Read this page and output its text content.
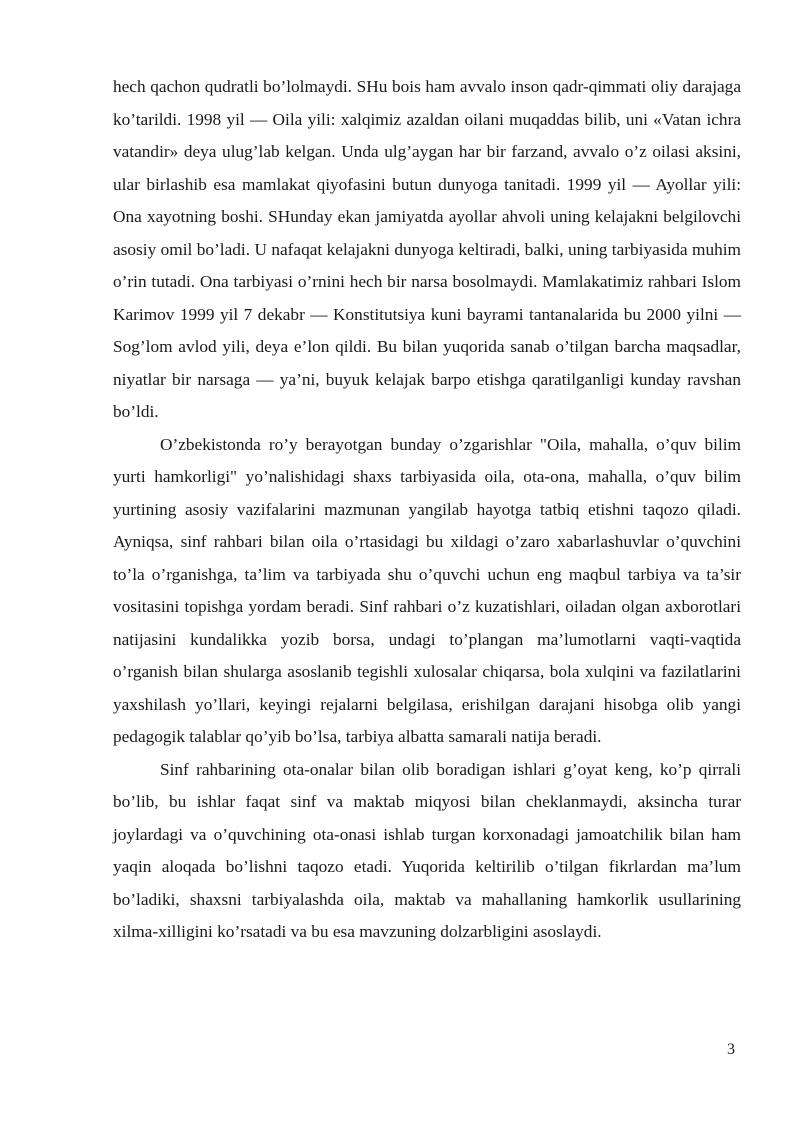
hech qachon qudratli bo’lolmaydi. SHu bois ham avvalo inson qadr-qimmati oliy darajaga ko’tarildi. 1998 yil — Oila yili: xalqimiz azaldan oilani muqaddas bilib, uni «Vatan ichra vatandir» deya ulug’lab kelgan. Unda ulg’aygan har bir farzand, avvalo o’z oilasi aksini, ular birlashib esa mamlakat qiyofasini butun dunyoga tanitadi. 1999 yil — Ayollar yili: Ona xayotning boshi. SHunday ekan jamiyatda ayollar ahvoli uning kelajakni belgilovchi asosiy omil bo’ladi. U nafaqat kelajakni dunyoga keltiradi, balki, uning tarbiyasida muhim o’rin tutadi. Ona tarbiyasi o’rnini hech bir narsa bosolmaydi. Mamlakatimiz rahbari Islom Karimov 1999 yil 7 dekabr — Konstitutsiya kuni bayrami tantanalarida bu 2000 yilni — Sog’lom avlod yili, deya e’lon qildi. Bu bilan yuqorida sanab o’tilgan barcha maqsadlar, niyatlar bir narsaga — ya’ni, buyuk kelajak barpo etishga qaratilganligi kunday ravshan bo’ldi.

O’zbekistonda ro’y berayotgan bunday o’zgarishlar "Oila, mahalla, o’quv bilim yurti hamkorligi" yo’nalishidagi shaxs tarbiyasida oila, ota-ona, mahalla, o’quv bilim yurtining asosiy vazifalarini mazmunan yangilab hayotga tatbiq etishni taqozo qiladi. Ayniqsa, sinf rahbari bilan oila o’rtasidagi bu xildagi o’zaro xabarlashuvlar o’quvchini to’la o’rganishga, ta’lim va tarbiyada shu o’quvchi uchun eng maqbul tarbiya va ta’sir vositasini topishga yordam beradi. Sinf rahbari o’z kuzatishlari, oiladan olgan axborotlari natijasini kundalikka yozib borsa, undagi to’plangan ma’lumotlarni vaqti-vaqtida o’rganish bilan shularga asoslanib tegishli xulosalar chiqarsa, bola xulqini va fazilatlarini yaxshilash yo’llari, keyingi rejalarni belgilasa, erishilgan darajani hisobga olib yangi pedagogik talablar qo’yib bo’lsa, tarbiya albatta samarali natija beradi.

Sinf rahbarining ota-onalar bilan olib boradigan ishlari g’oyat keng, ko’p qirrali bo’lib, bu ishlar faqat sinf va maktab miqyosi bilan cheklanmaydi, aksincha turar joylardagi va o’quvchining ota-onasi ishlab turgan korxonadagi jamoatchilik bilan ham yaqin aloqada bo’lishni taqozo etadi. Yuqorida keltirilib o’tilgan fikrlardan ma’lum bo’ladiki, shaxsni tarbiyalashda oila, maktab va mahallaning hamkorlik usullarining xilma-xilligini ko’rsatadi va bu esa mavzuning dolzarbligini asoslaydi.

3
